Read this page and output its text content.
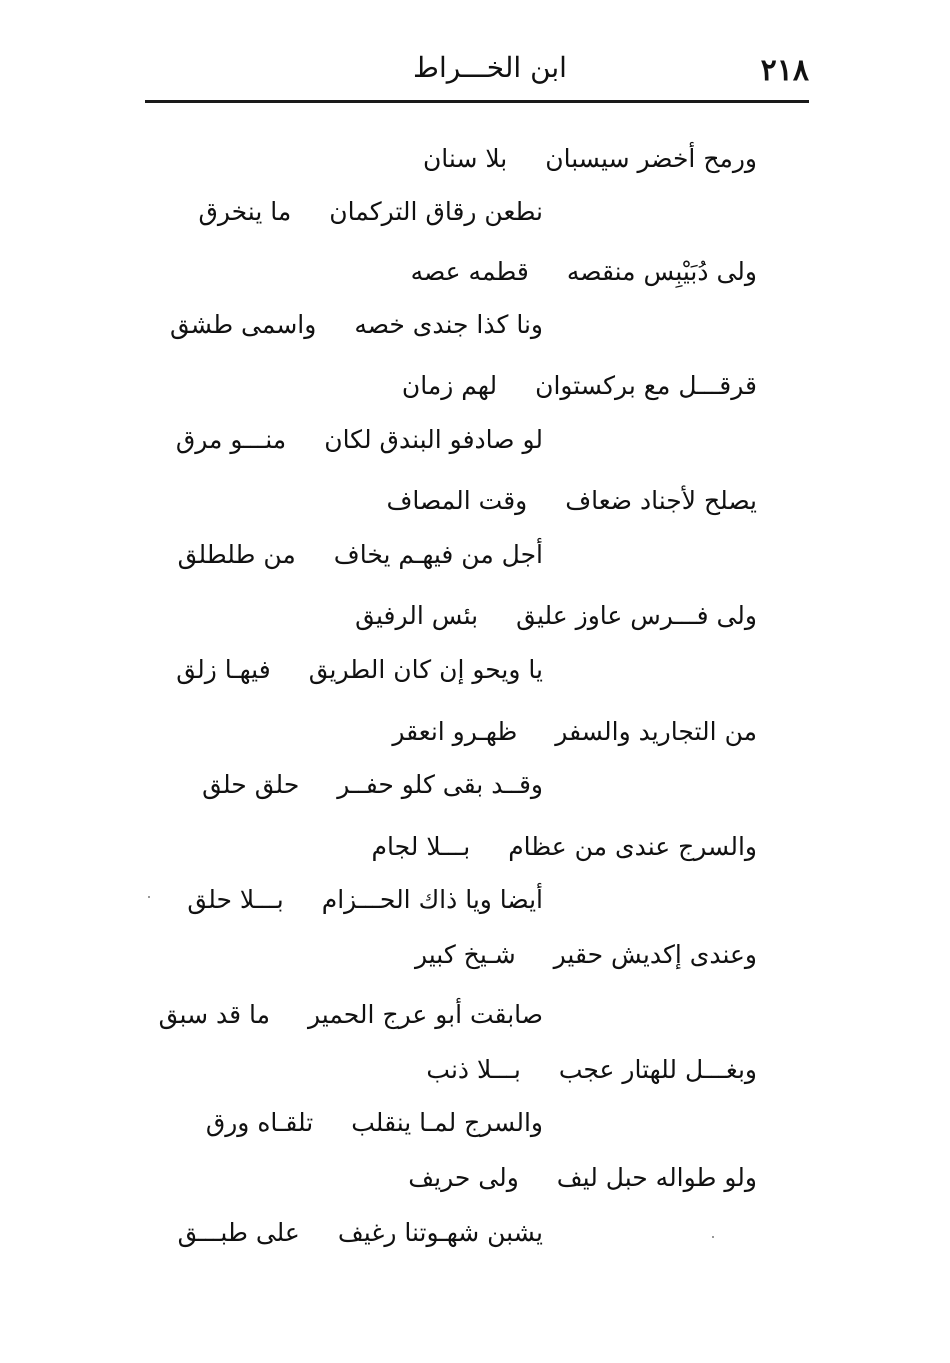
٢١٨
ابن الخـــراط
ورمح أخضر سيسبان
بلا سنان
نطعن رقاق التركمان
ما ينخرق
ولى دُبَيْبِس منقصه
قطمه عصه
ونا كذا جندى خصه
واسمى طشق
قرقـــل مع بركستوان
لهم زمان
لو صادفو البندق لكان
منـــو مرق
يصلح لأجناد ضعاف
وقت المصاف
أجل من فيهـم يخاف
من طلطلق
ولى فـــرس عاوز عليق
بئس الرفيق
يا ويحو إن كان الطريق
فيهـا زلق
من التجاريد والسفر
ظهـرو انعقر
وقــد بقى كلو حفــر
حلق حلق
والسرج عندى من عظام
بـــلا لجام
أيضا ويا ذاك الحـــزام
بـــلا حلق
وعندى إكديش حقير
شـيخ كبير
صابقت أبو عرج الحمير
ما قد سبق
وبغـــل للهتار عجب
بـــلا ذنب
والسرج لمـا ينقلب
تلقـاه ورق
ولو طواله حبل ليف
ولى حريف
يشبن شهـوتنا رغيف
على طبـــق
